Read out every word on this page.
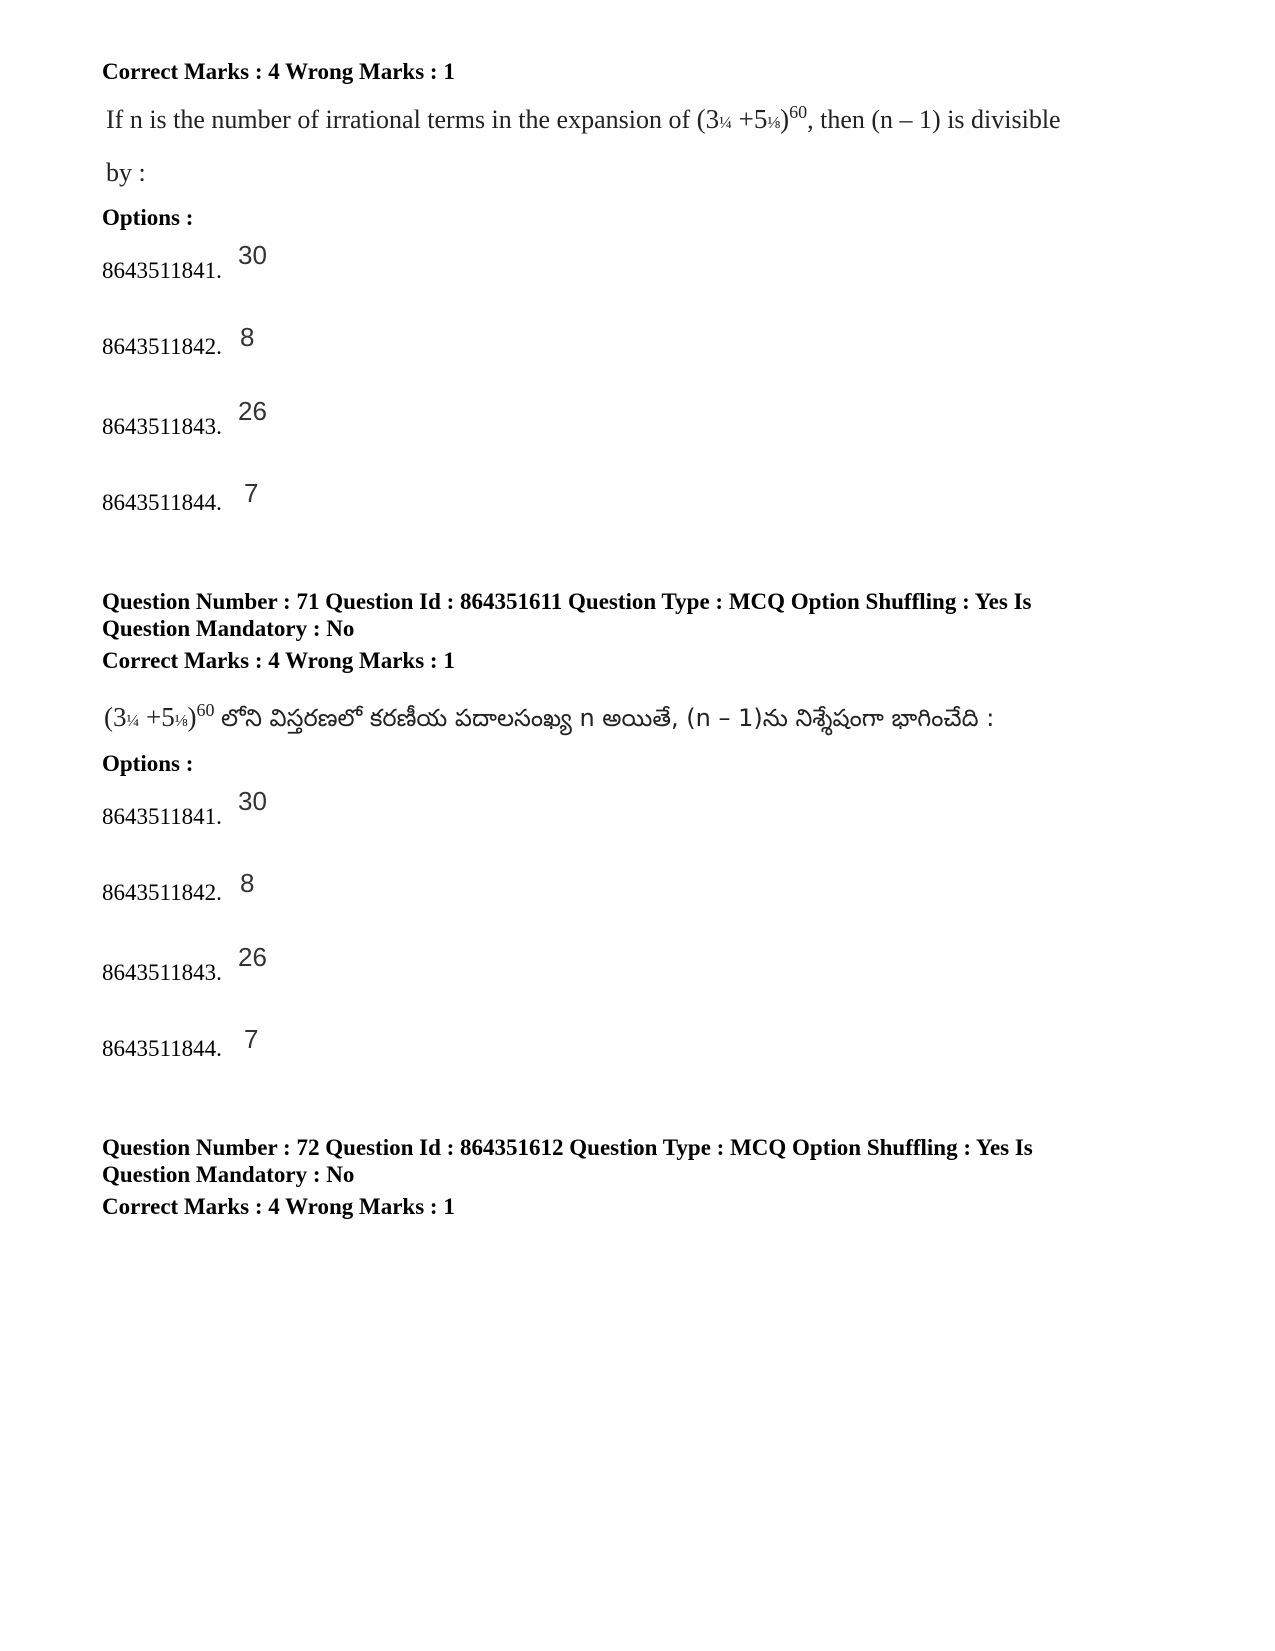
Correct Marks : 4 Wrong Marks : 1
If n is the number of irrational terms in the expansion of (3¼ +5⅛)$^{60}$, then (n – 1) is divisible
by :
Options :
8643511841.
30
8643511842. 8
8643511843.
26
8643511844. 7
Question Number : 71 Question Id : 864351611 Question Type : MCQ Option Shuffling : Yes Is
Question Mandatory : No
Correct Marks : 4 Wrong Marks : 1
(3¼ +5⅛)$^{60}$ లోని విస్తరణలో కరణీయ పదాలసంఖ్య n అయితే, (n – 1)ను నిశ్శేషంగా భాగించేది :
Options :
8643511841.
30
8643511842. 8
8643511843.
26
8643511844. 7
Question Number : 72 Question Id : 864351612 Question Type : MCQ Option Shuffling : Yes Is
Question Mandatory : No
Correct Marks : 4 Wrong Marks : 1
